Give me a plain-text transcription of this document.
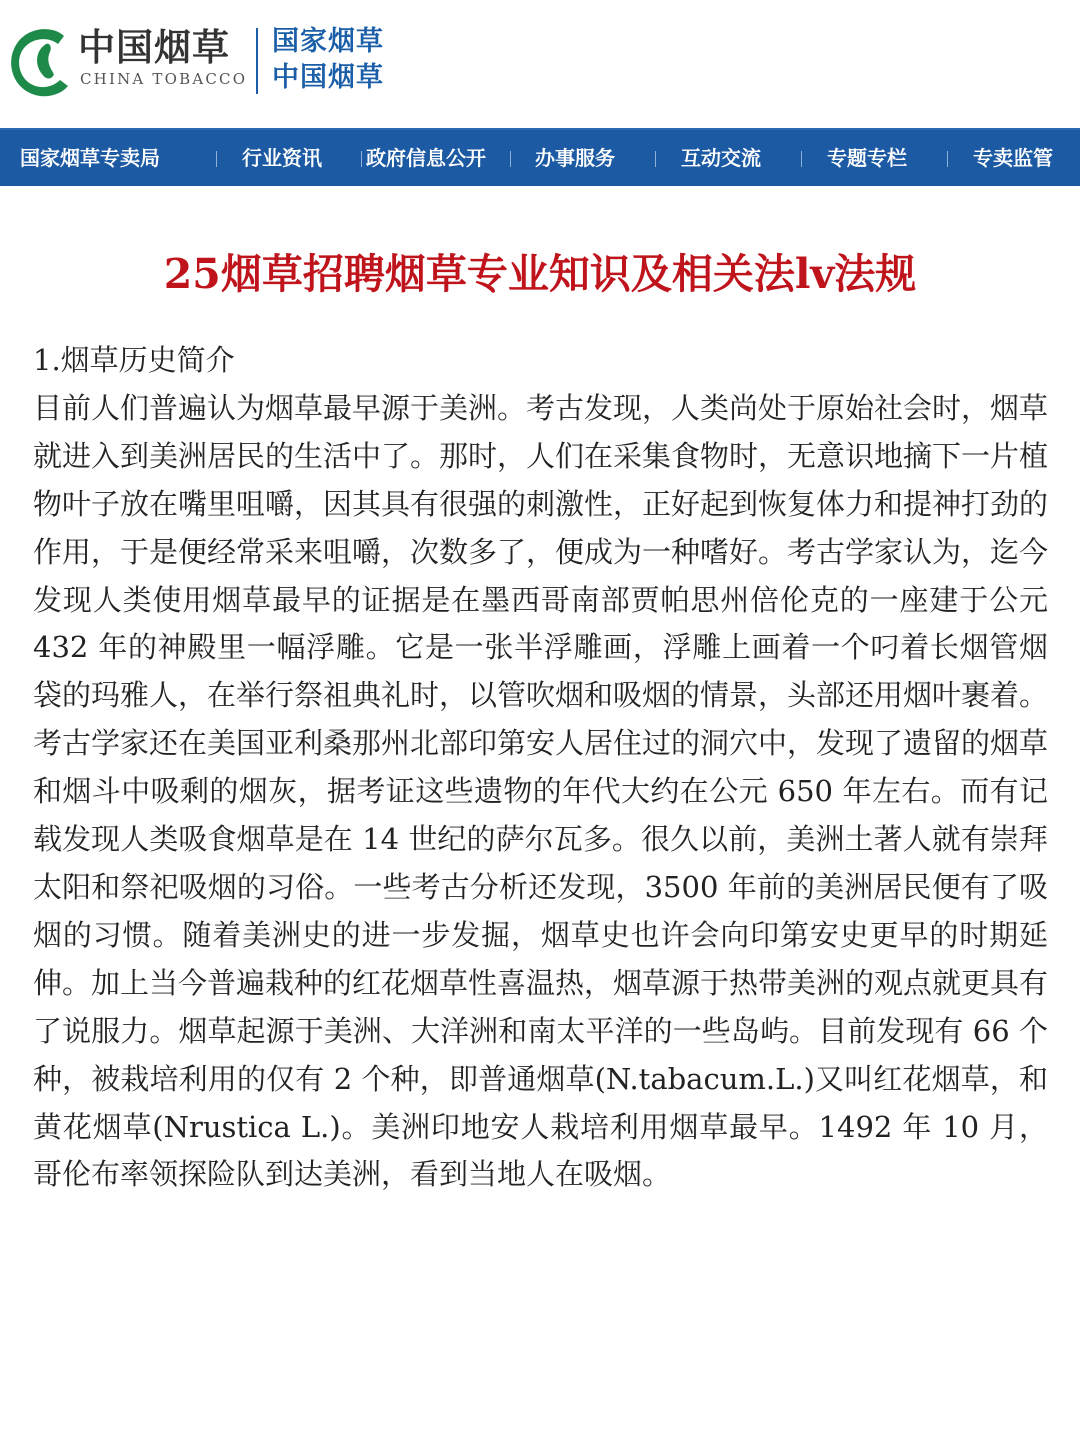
中国烟草
CHINA TOBACCO
国家烟草
中国烟草
国家烟草专卖局	行业资讯 政府信息公开 办事服务	互动交流	专题专栏	专卖监管
25烟草招聘烟草专业知识及相关法lv法规
1.烟草历史简介

目前人们普遍认为烟草最早源于美洲。考古发现，人类尚处于原始社会时，烟草就进入到美洲居民的生活中了。那时，人们在采集食物时，无意识地摘下一片植物叶子放在嘴里咀嚼，因其具有很强的刺激性，正好起到恢复体力和提神打劲的作用，于是便经常采来咀嚼，次数多了，便成为一种嗜好。考古学家认为，迄今发现人类使用烟草最早的证据是在墨西哥南部贾帕思州倍伦克的一座建于公元 432 年的神殿里一幅浮雕。它是一张半浮雕画，浮雕上画着一个叼着长烟管烟袋的玛雅人，在举行祭祖典礼时，以管吹烟和吸烟的情景，头部还用烟叶裹着。考古学家还在美国亚利桑那州北部印第安人居住过的洞穴中，发现了遗留的烟草和烟斗中吸剩的烟灰，据考证这些遗物的年代大约在公元 650 年左右。而有记载发现人类吸食烟草是在 14 世纪的萨尔瓦多。很久以前，美洲土著人就有崇拜太阳和祭祀吸烟的习俗。一些考古分析还发现，3500 年前的美洲居民便有了吸烟的习惯。随着美洲史的进一步发掘，烟草史也许会向印第安史更早的时期延伸。加上当今普遍栽种的红花烟草性喜温热，烟草源于热带美洲的观点就更具有了说服力。烟草起源于美洲、大洋洲和南太平洋的一些岛屿。目前发现有 66 个种，被栽培利用的仅有 2 个种，即普通烟草(N.tabacum.L.)又叫红花烟草，和黄花烟草(Nrustica L.)。美洲印地安人栽培利用烟草最早。1492 年 10 月，哥伦布率领探险队到达美洲，看到当地人在吸烟。
